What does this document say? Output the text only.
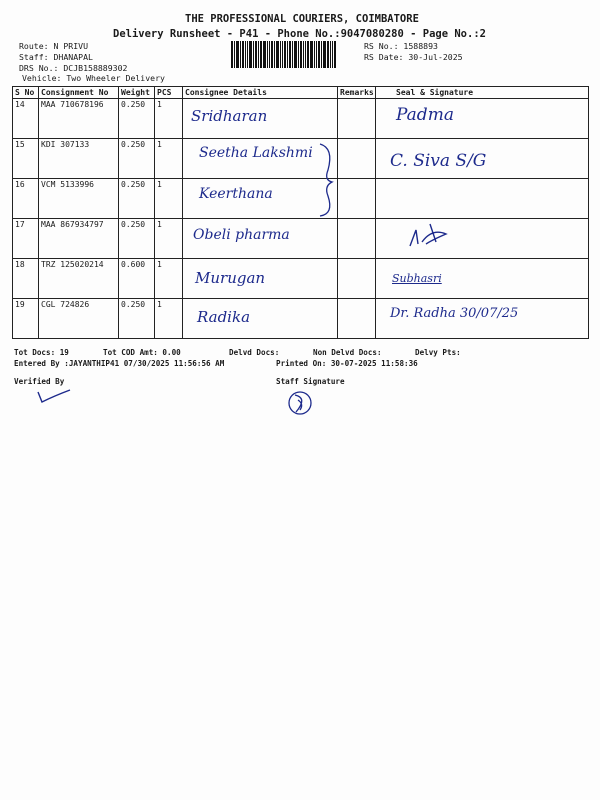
THE PROFESSIONAL COURIERS, COIMBATORE
Delivery Runsheet - P41 - Phone No.:9047080280 - Page No.:2
Route: N PRIVU
Staff: DHANAPAL
DRS No.: DCJB158889302
Vehicle: Two Wheeler Delivery
RS No.: 1588893
RS Date: 30-Jul-2025
S No	Consignment No	Weight	PCS	Consignee Details	Remarks	Seal & Signature
14	MAA 710678196	0.250	1	Sridharan		Padma

15	KDI 307133	0.250	1	Seetha Lakshmi		C. Siva S/G

16	VCM 5133996	0.250	1	Keerthana		

17	MAA 867934797	0.250	1	Obeli pharma

18	TRZ 125020214	0.600	1	Murugan		Subhasri

19	CGL 724826	0.250	1	Radika		Dr. Radha 30/07/25
Tot Docs: 19	Tot COD Amt: 0.00	Delvd Docs:	Non Delvd Docs:	Delvy Pts:
Entered By :JAYANTHIP41 07/30/2025 11:56:56 AM	Printed On: 30-07-2025 11:58:36
Verified By	Staff Signature
